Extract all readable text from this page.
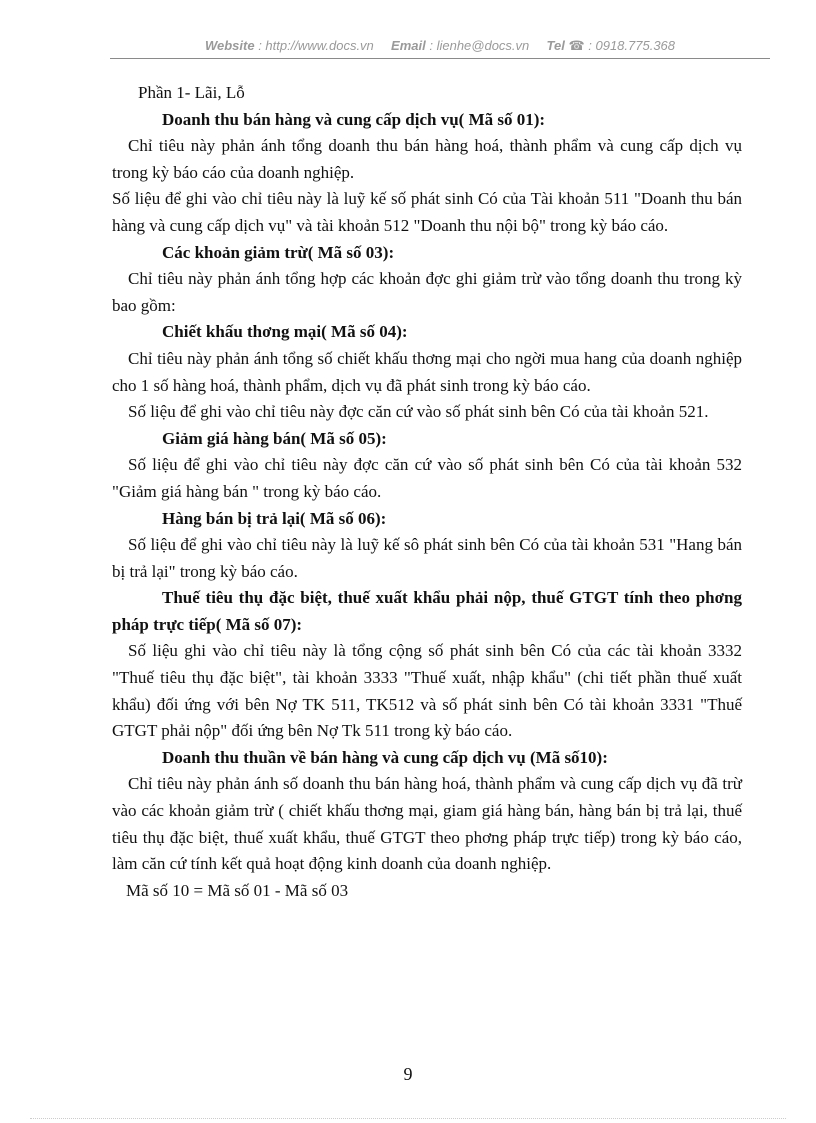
Website : http://www.docs.vn Email : lienhe@docs.vn Tel ☎ : 0918.775.368

Phần 1- Lãi, Lỗ

Doanh thu bán hàng và cung cấp dịch vụ( Mã số 01):

Chỉ tiêu này phản ánh tổng doanh thu bán hàng hoá, thành phẩm và cung cấp dịch vụ trong kỳ báo cáo của doanh nghiệp.

Số liệu để ghi vào chỉ tiêu này là luỹ kế số phát sinh Có của Tài khoản 511 "Doanh thu bán hàng và cung cấp dịch vụ" và tài khoản 512 "Doanh thu nội bộ" trong kỳ báo cáo.

Các khoản giảm trừ( Mã số 03):

Chỉ tiêu này phản ánh tổng hợp các khoản đợc ghi giảm trừ vào tổng doanh thu trong kỳ bao gồm:

Chiết khấu thơng mại( Mã số 04):

Chỉ tiêu này phản ánh tổng số chiết khấu thơng mại cho ngời mua hang của doanh nghiệp cho 1 số hàng hoá, thành phẩm, dịch vụ đã phát sinh trong kỳ báo cáo.

Số liệu để ghi vào chỉ tiêu này đợc căn cứ vào số phát sinh bên Có của tài khoản 521.

Giảm giá hàng bán( Mã số 05):

Số liệu để ghi vào chỉ tiêu này đợc căn cứ vào số phát sinh bên Có của tài khoản 532 "Giảm giá hàng bán " trong kỳ báo cáo.

Hàng bán bị trả lại( Mã số 06):

Số liệu để ghi vào chỉ tiêu này là luỹ kế sô phát sinh bên Có của tài khoản 531 "Hang bán bị trả lại" trong kỳ báo cáo.

Thuế tiêu thụ đặc biệt, thuế xuất khẩu phải nộp, thuế GTGT tính theo phơng pháp trực tiếp( Mã số 07):

Số liệu ghi vào chỉ tiêu này là tổng cộng số phát sinh bên Có của các tài khoản 3332 "Thuế tiêu thụ đặc biệt", tài khoản 3333 "Thuế xuất, nhập khẩu" (chi tiết phần thuế xuất khẩu) đối ứng với bên Nợ TK 511, TK512 và số phát sinh bên Có tài khoản 3331 "Thuế GTGT phải nộp" đối ứng bên Nợ Tk 511 trong kỳ báo cáo.

Doanh thu thuần về bán hàng và cung cấp dịch vụ (Mã số10):

Chỉ tiêu này phản ánh số doanh thu bán hàng hoá, thành phẩm và cung cấp dịch vụ đã trừ vào các khoản giảm trừ ( chiết khấu thơng mại, giam giá hàng bán, hàng bán bị trả lại, thuế tiêu thụ đặc biệt, thuế xuất khẩu, thuế GTGT theo phơng pháp trực tiếp) trong kỳ báo cáo, làm căn cứ tính kết quả hoạt động kinh doanh của doanh nghiệp.

Mã số 10 = Mã số 01 - Mã số 03

9
